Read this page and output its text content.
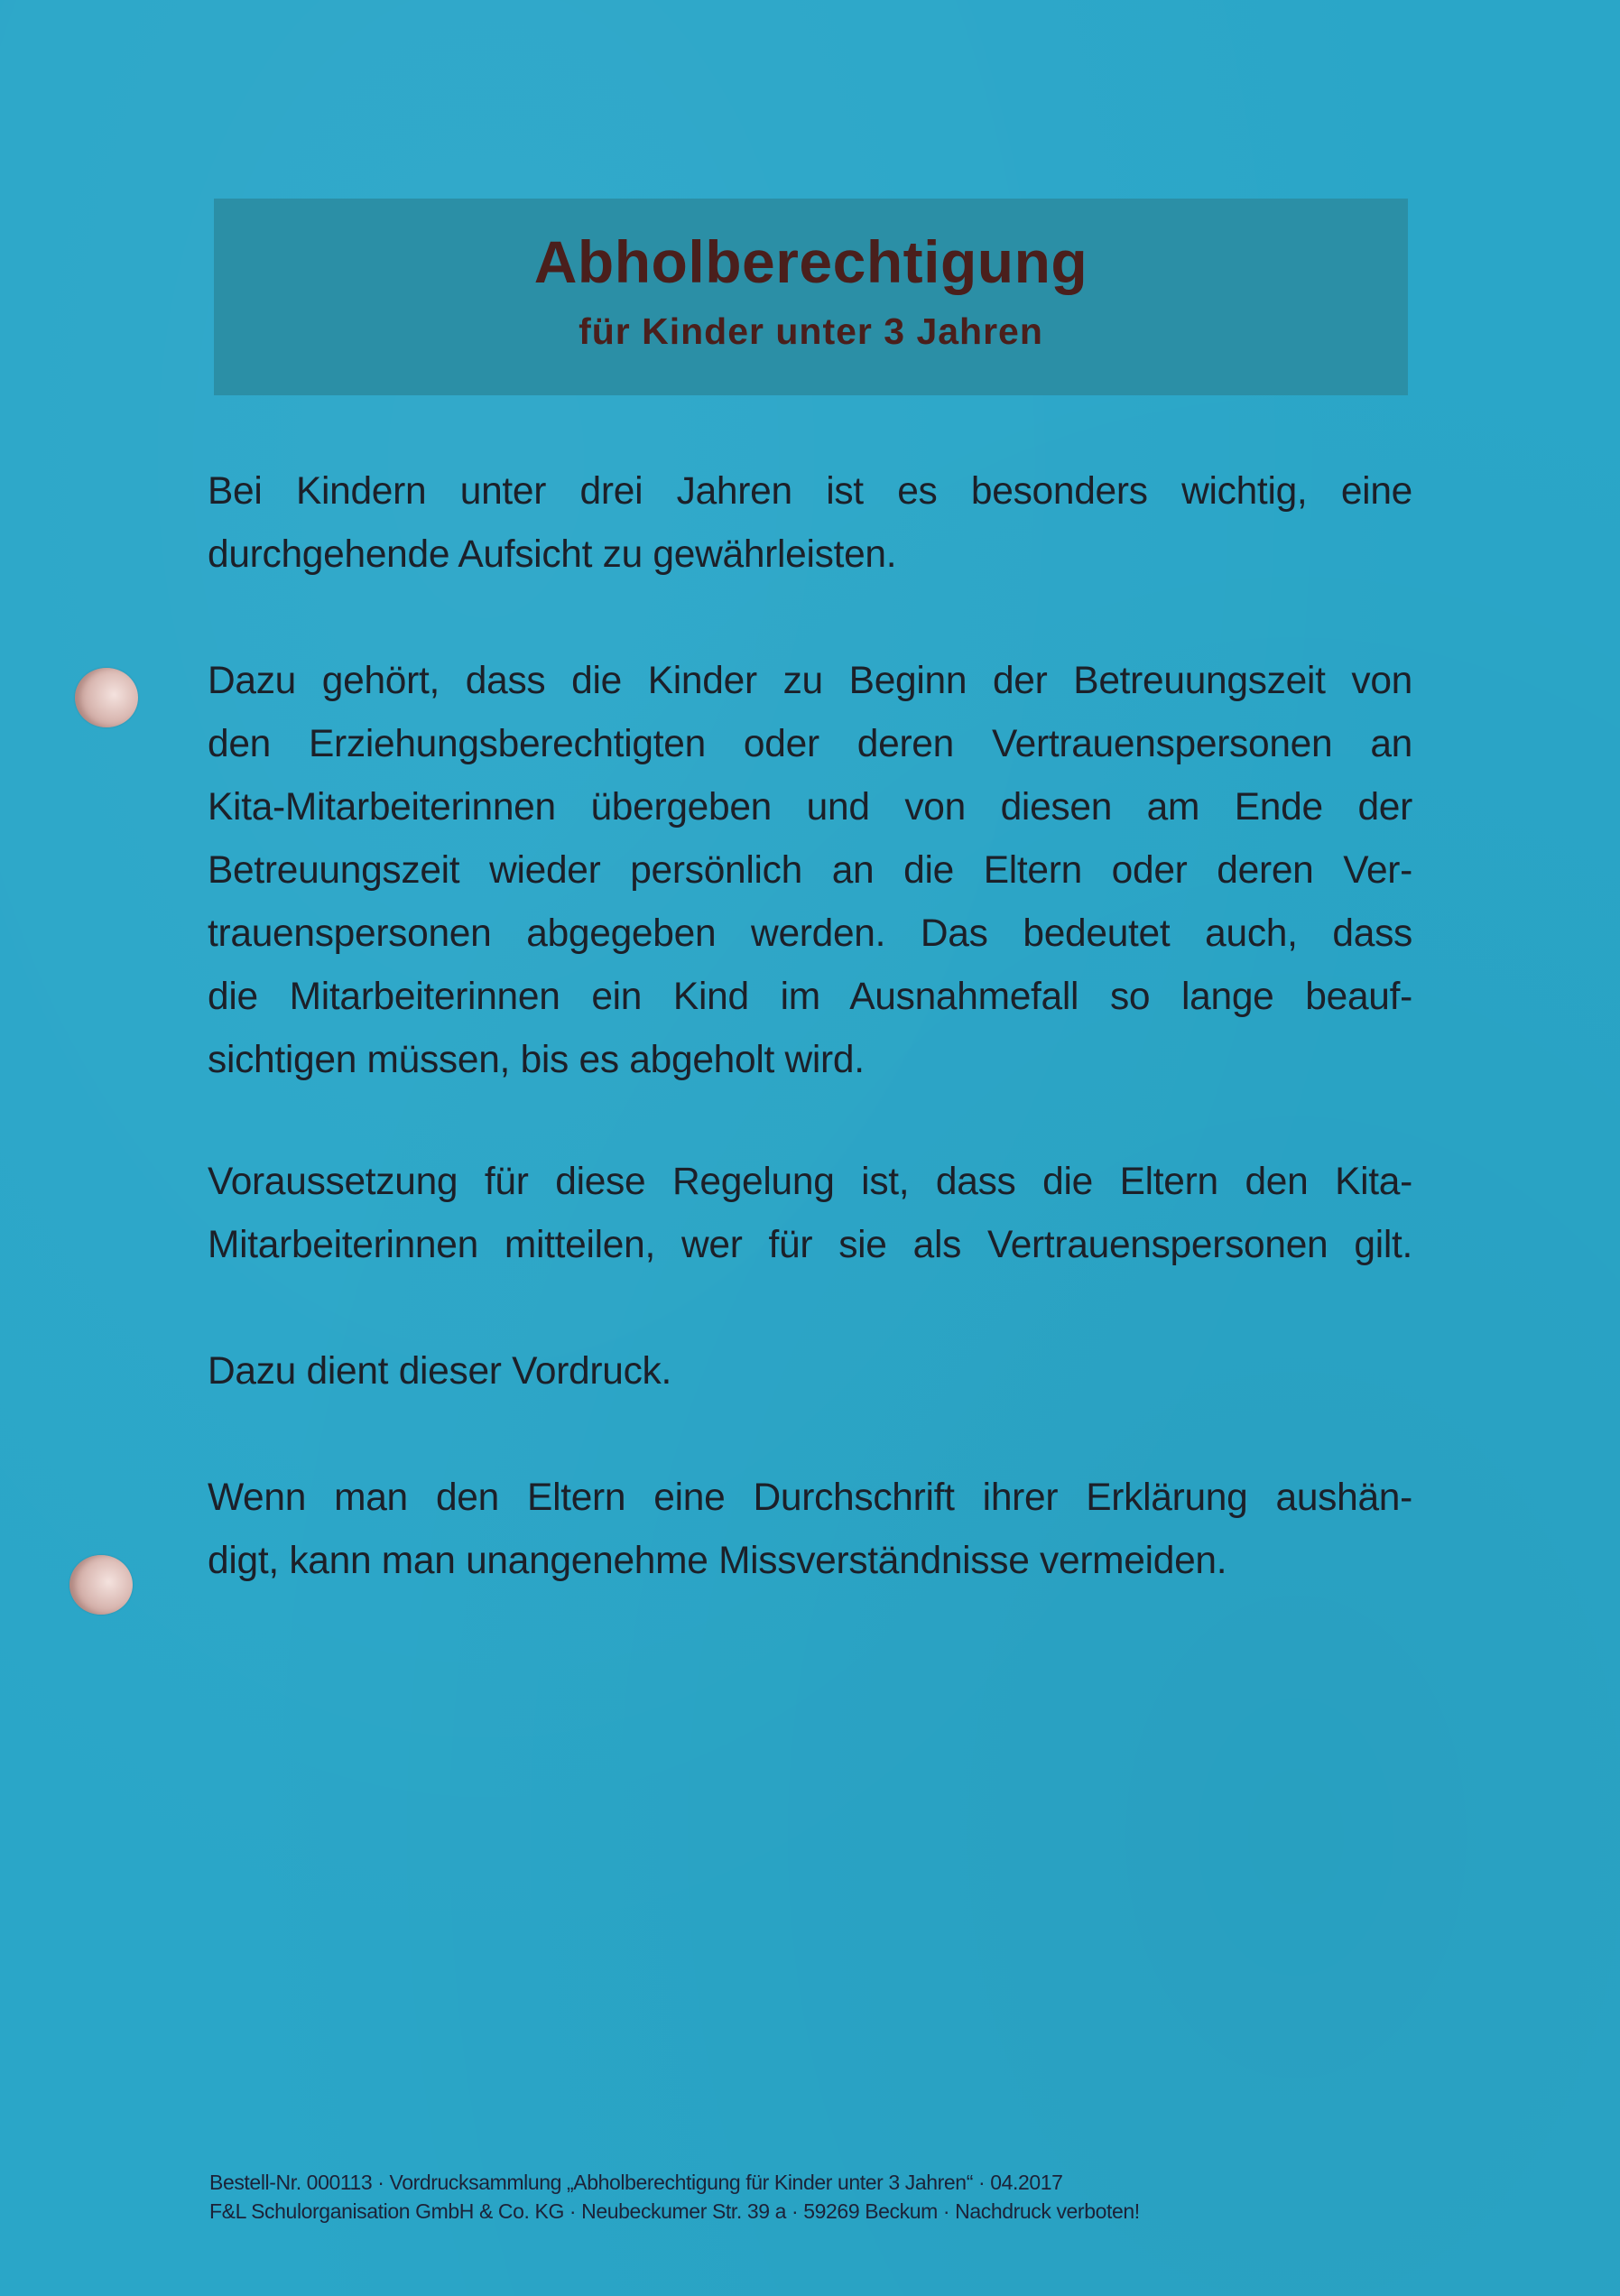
Abholberechtigung
für Kinder unter 3 Jahren
Bei Kindern unter drei Jahren ist es besonders wichtig, eine
durchgehende Aufsicht zu gewährleisten.
Dazu gehört, dass die Kinder zu Beginn der Betreuungszeit von
den Erziehungsberechtigten oder deren Vertrauenspersonen an
Kita-Mitarbeiterinnen übergeben und von diesen am Ende der
Betreuungszeit wieder persönlich an die Eltern oder deren Ver-
trauenspersonen abgegeben werden. Das bedeutet auch, dass
die Mitarbeiterinnen ein Kind im Ausnahmefall so lange beauf-
sichtigen müssen, bis es abgeholt wird.
Voraussetzung für diese Regelung ist, dass die Eltern den Kita-
Mitarbeiterinnen mitteilen, wer für sie als Vertrauenspersonen gilt.
Dazu dient dieser Vordruck.
Wenn man den Eltern eine Durchschrift ihrer Erklärung aushän-
digt, kann man unangenehme Missverständnisse vermeiden.
Bestell-Nr. 000113 · Vordrucksammlung „Abholberechtigung für Kinder unter 3 Jahren“ · 04.2017
F&L Schulorganisation GmbH & Co. KG · Neubeckumer Str. 39 a · 59269 Beckum · Nachdruck verboten!
